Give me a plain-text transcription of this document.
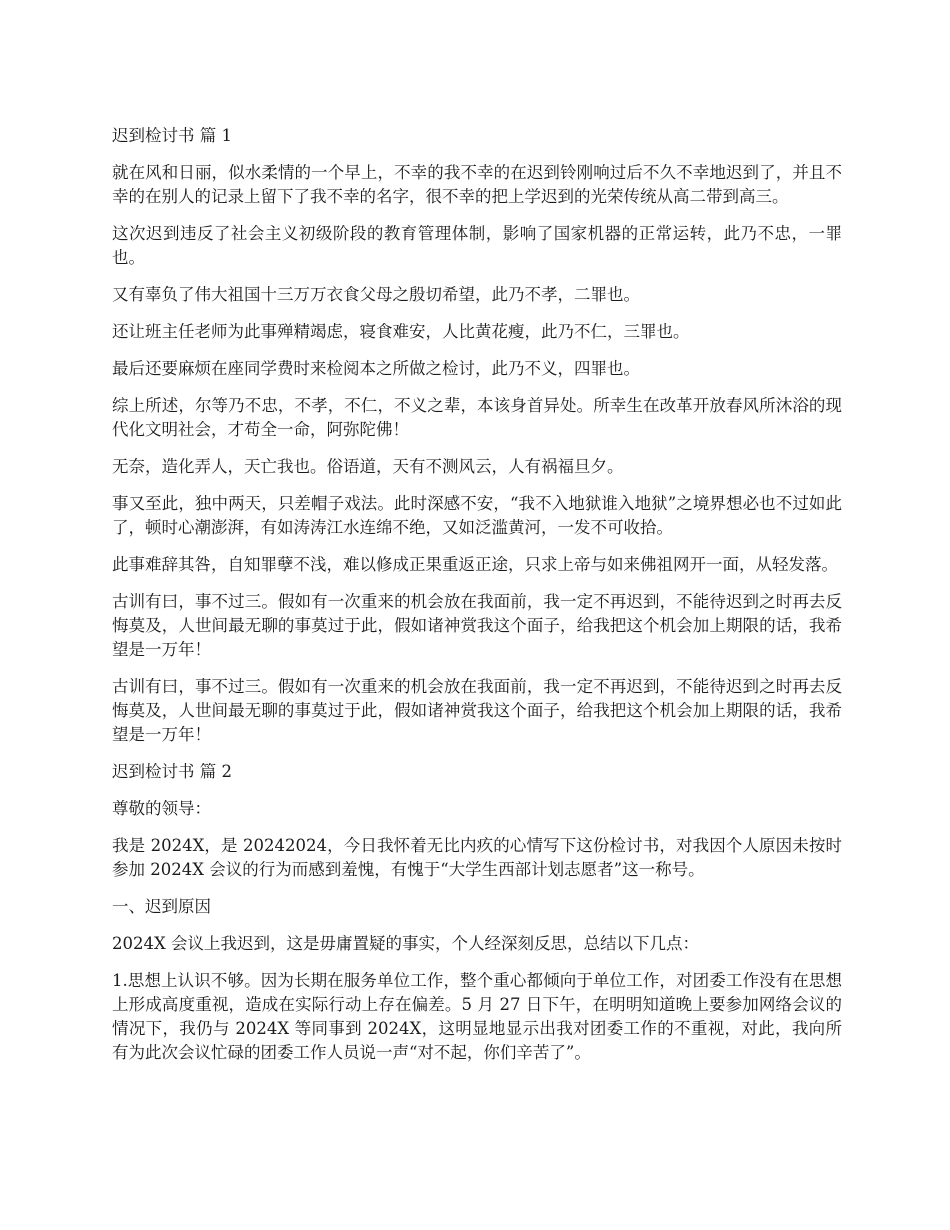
迟到检讨书 篇 1

就在风和日丽，似水柔情的一个早上，不幸的我不幸的在迟到铃刚响过后不久不幸地迟到了，并且不幸的在别人的记录上留下了我不幸的名字，很不幸的把上学迟到的光荣传统从高二带到高三。

这次迟到违反了社会主义初级阶段的教育管理体制，影响了国家机器的正常运转，此乃不忠，一罪也。

又有辜负了伟大祖国十三万万衣食父母之殷切希望，此乃不孝，二罪也。

还让班主任老师为此事殚精竭虑，寝食难安，人比黄花瘦，此乃不仁，三罪也。

最后还要麻烦在座同学费时来检阅本之所做之检讨，此乃不义，四罪也。

综上所述，尔等乃不忠，不孝，不仁，不义之辈，本该身首异处。所幸生在改革开放春风所沐浴的现代化文明社会，才苟全一命，阿弥陀佛！

无奈，造化弄人，天亡我也。俗语道，天有不测风云，人有祸福旦夕。

事又至此，独中两天，只差帽子戏法。此时深感不安，“我不入地狱谁入地狱”之境界想必也不过如此了，顿时心潮澎湃，有如涛涛江水连绵不绝，又如泛滥黄河，一发不可收拾。

此事难辞其咎，自知罪孽不浅，难以修成正果重返正途，只求上帝与如来佛祖网开一面，从轻发落。

古训有曰，事不过三。假如有一次重来的机会放在我面前，我一定不再迟到，不能待迟到之时再去反悔莫及，人世间最无聊的事莫过于此，假如诸神赏我这个面子，给我把这个机会加上期限的话，我希望是一万年！

古训有曰，事不过三。假如有一次重来的机会放在我面前，我一定不再迟到，不能待迟到之时再去反悔莫及，人世间最无聊的事莫过于此，假如诸神赏我这个面子，给我把这个机会加上期限的话，我希望是一万年！

迟到检讨书 篇 2

尊敬的领导：

我是 2024X，是 20242024，今日我怀着无比内疚的心情写下这份检讨书，对我因个人原因未按时参加 2024X 会议的行为而感到羞愧，有愧于“大学生西部计划志愿者”这一称号。

一、迟到原因

2024X 会议上我迟到，这是毋庸置疑的事实，个人经深刻反思，总结以下几点：

1.思想上认识不够。因为长期在服务单位工作，整个重心都倾向于单位工作，对团委工作没有在思想上形成高度重视，造成在实际行动上存在偏差。5 月 27 日下午，在明明知道晚上要参加网络会议的情况下，我仍与 2024X 等同事到 2024X，这明显地显示出我对团委工作的不重视，对此，我向所有为此次会议忙碌的团委工作人员说一声“对不起，你们辛苦了”。
